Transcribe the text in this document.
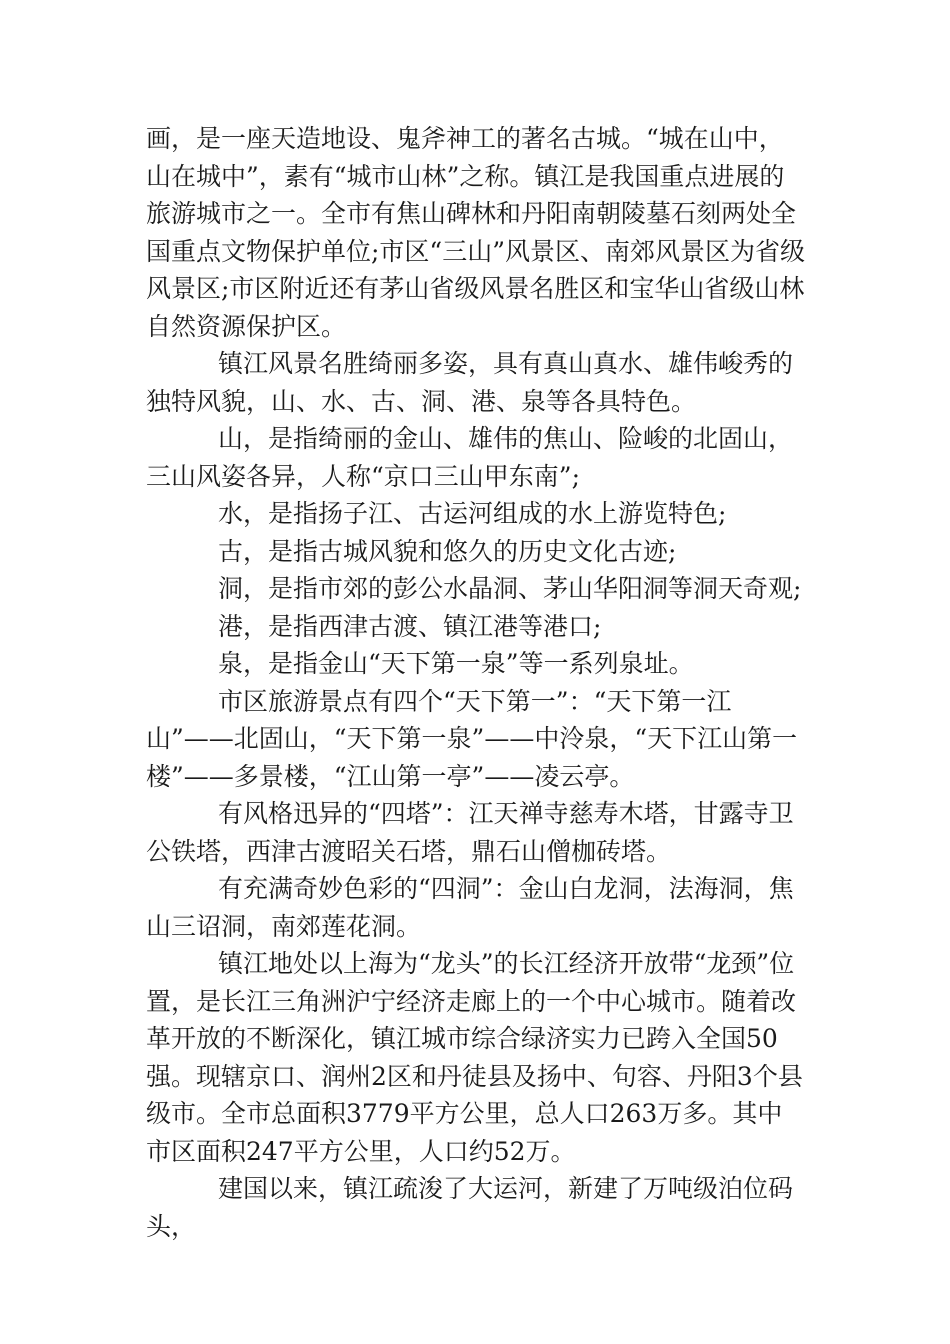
画，是一座天造地设、鬼斧神工的著名古城。“城在山中，山在城中”，素有“城市山林”之称。镇江是我国重点进展的旅游城市之一。全市有焦山碑林和丹阳南朝陵墓石刻两处全国重点文物保护单位;市区“三山”风景区、南郊风景区为省级风景区;市区附近还有茅山省级风景名胜区和宝华山省级山林自然资源保护区。

镇江风景名胜绮丽多姿，具有真山真水、雄伟峻秀的独特风貌，山、水、古、洞、港、泉等各具特色。

山，是指绮丽的金山、雄伟的焦山、险峻的北固山，三山风姿各异，人称“京口三山甲东南”;

水，是指扬子江、古运河组成的水上游览特色;

古，是指古城风貌和悠久的历史文化古迹;

洞，是指市郊的彭公水晶洞、茅山华阳洞等洞天奇观;

港，是指西津古渡、镇江港等港口;

泉，是指金山“天下第一泉”等一系列泉址。

市区旅游景点有四个“天下第一”：“天下第一江山”——北固山，“天下第一泉”——中泠泉，“天下江山第一楼”——多景楼，“江山第一亭”——凌云亭。

有风格迅异的“四塔”：江天禅寺慈寿木塔，甘露寺卫公铁塔，西津古渡昭关石塔，鼎石山僧枷砖塔。

有充满奇妙色彩的“四洞”：金山白龙洞，法海洞，焦山三诏洞，南郊莲花洞。

镇江地处以上海为“龙头”的长江经济开放带“龙颈”位置，是长江三角洲沪宁经济走廊上的一个中心城市。随着改革开放的不断深化，镇江城市综合绿济实力已跨入全国50强。现辖京口、润州2区和丹徒县及扬中、句容、丹阳3个县级市。全市总面积3779平方公里，总人口263万多。其中市区面积247平方公里，人口约52万。

建国以来，镇江疏浚了大运河，新建了万吨级泊位码头，
